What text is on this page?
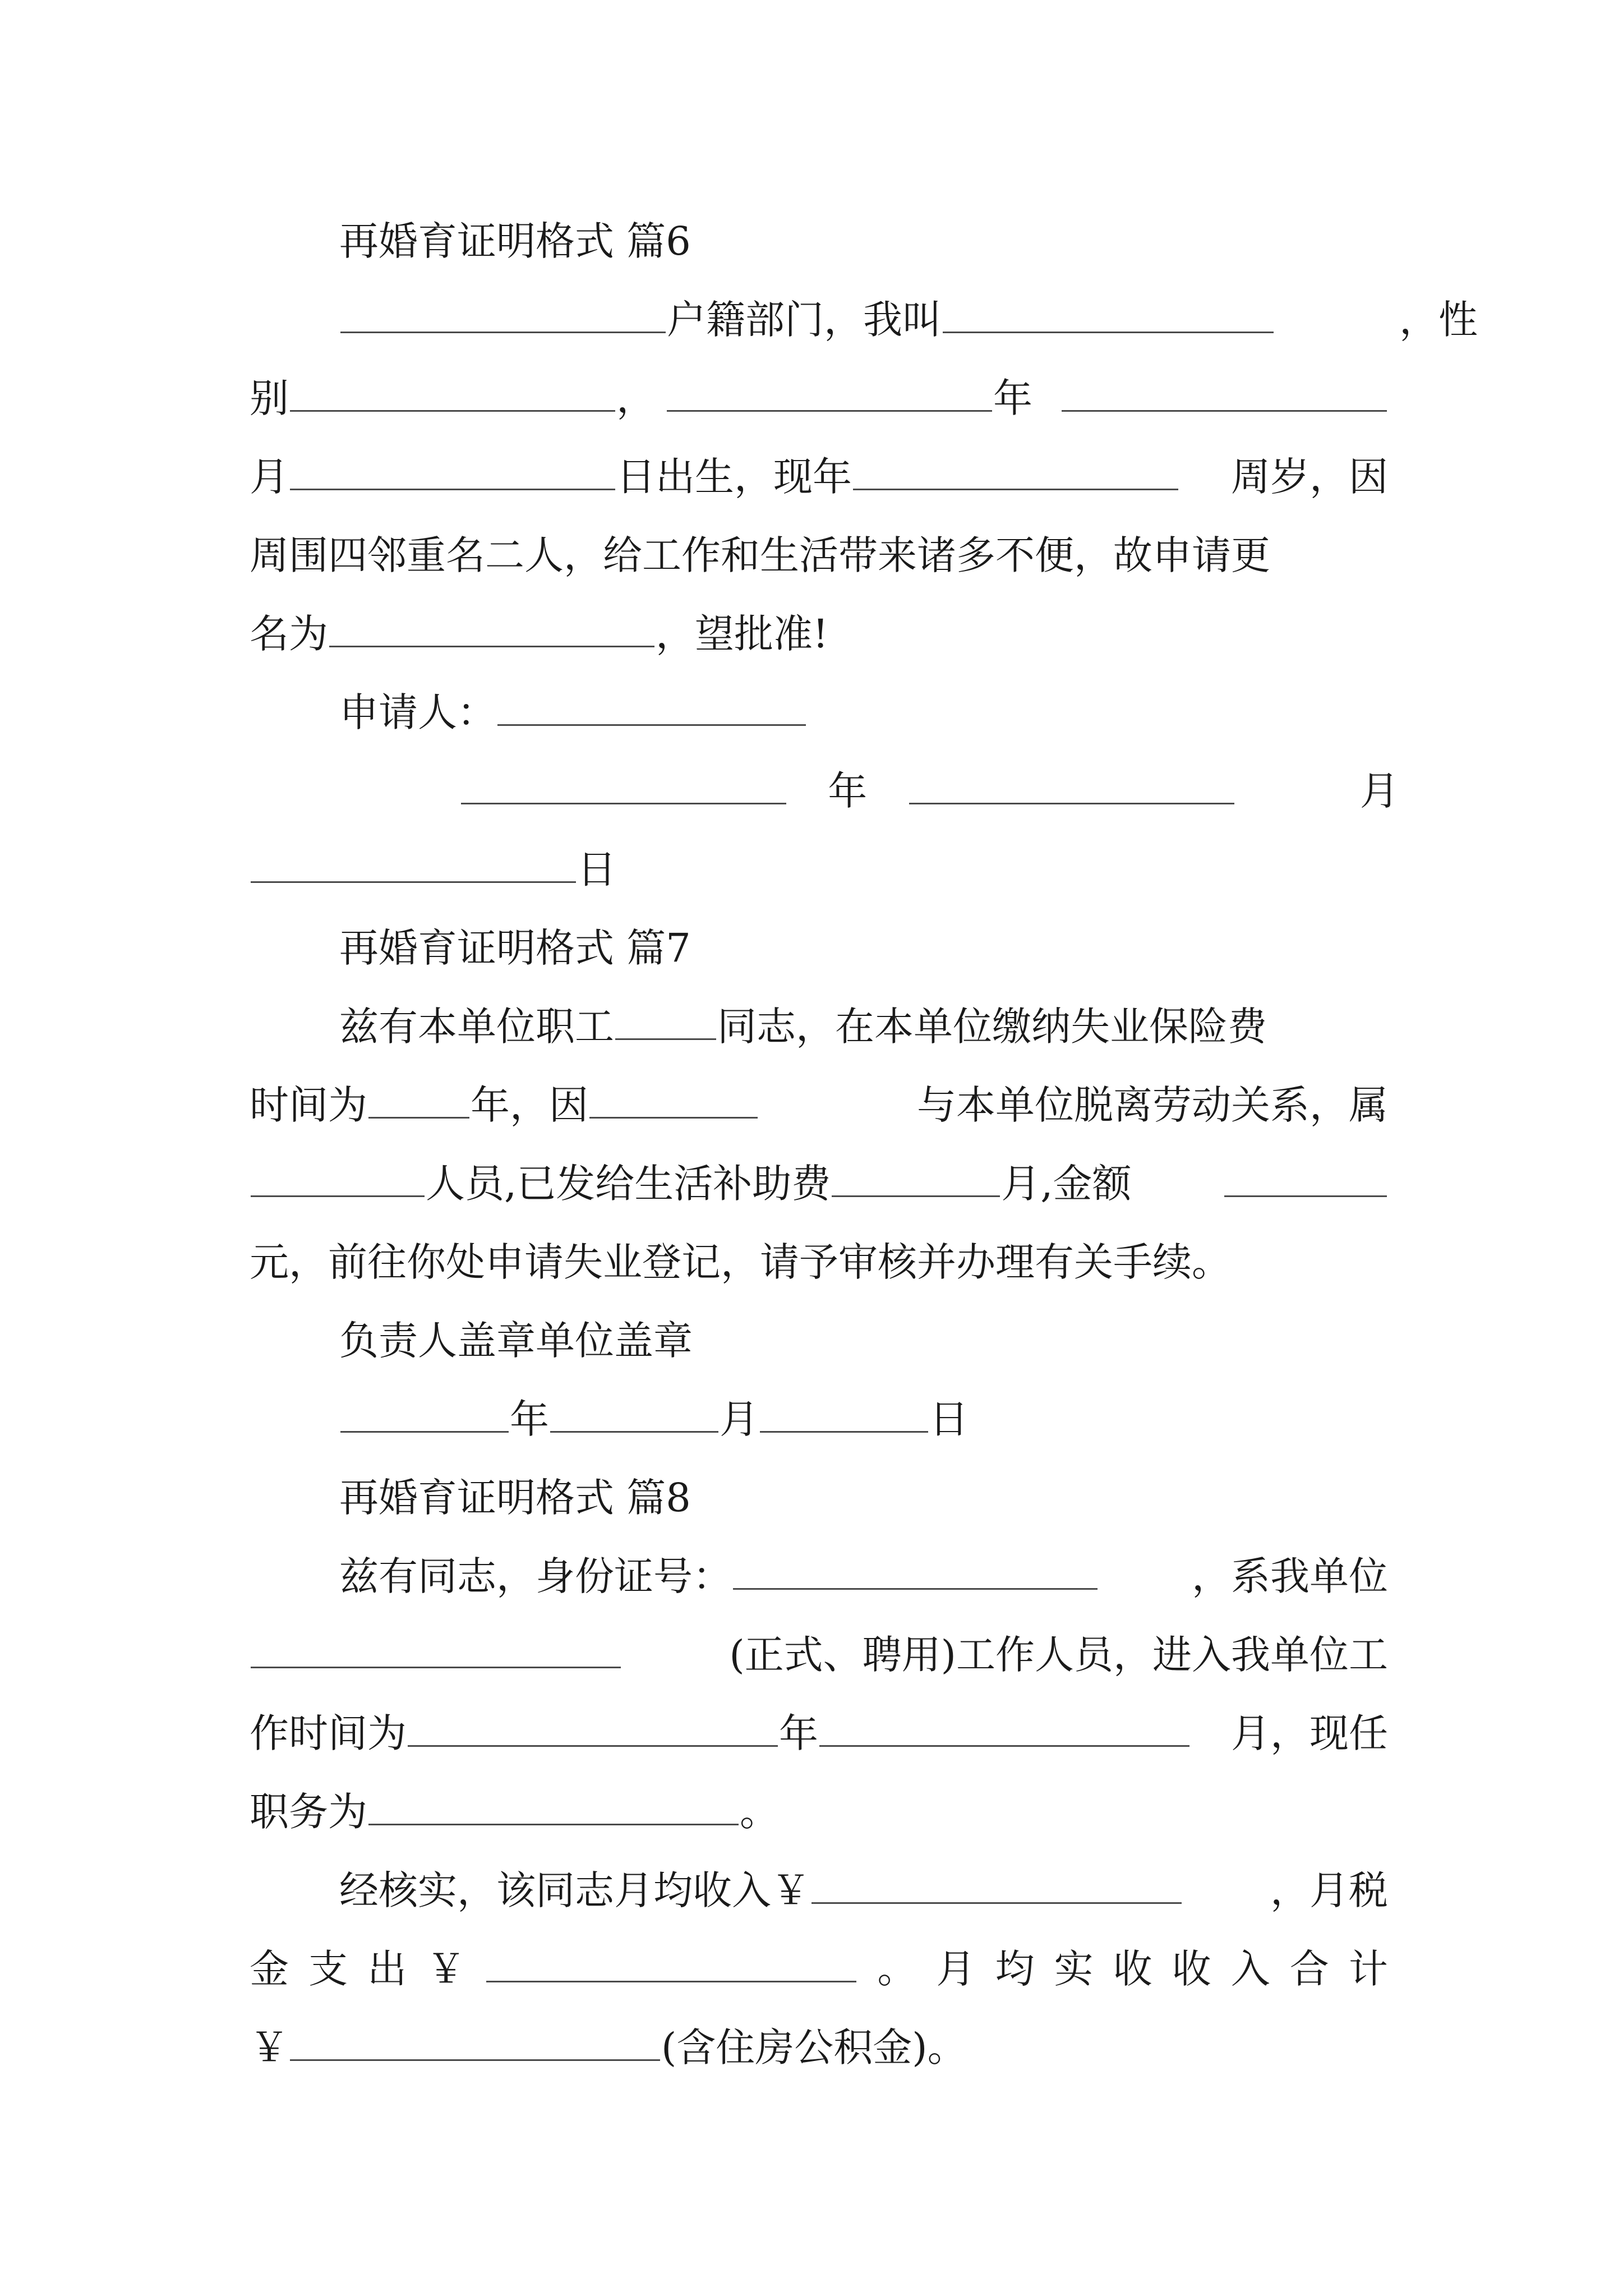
再婚育证明格式 篇6
户籍部门，我叫	，性
别	，	年
月	日出生，现年	周岁，因
周围四邻重名二人，给工作和生活带来诸多不便，故申请更
名为	，望批准!
申请人：
年	月
日
再婚育证明格式 篇7
兹有本单位职工	同志，在本单位缴纳失业保险费
时间为	年，因	与本单位脱离劳动关系，属
人员,已发给生活补助费	月,金额
元，前往你处申请失业登记，请予审核并办理有关手续。
负责人盖章单位盖章
年	月	日
再婚育证明格式 篇8
兹有同志，身份证号：	，系我单位
(正式、聘用)工作人员，进入我单位工
作时间为	年	月，现任
职务为	。
经核实，该同志月均收入￥	，月税
金 支 出 ￥	。 月 均 实 收 收 入 合 计
￥	(含住房公积金)。
